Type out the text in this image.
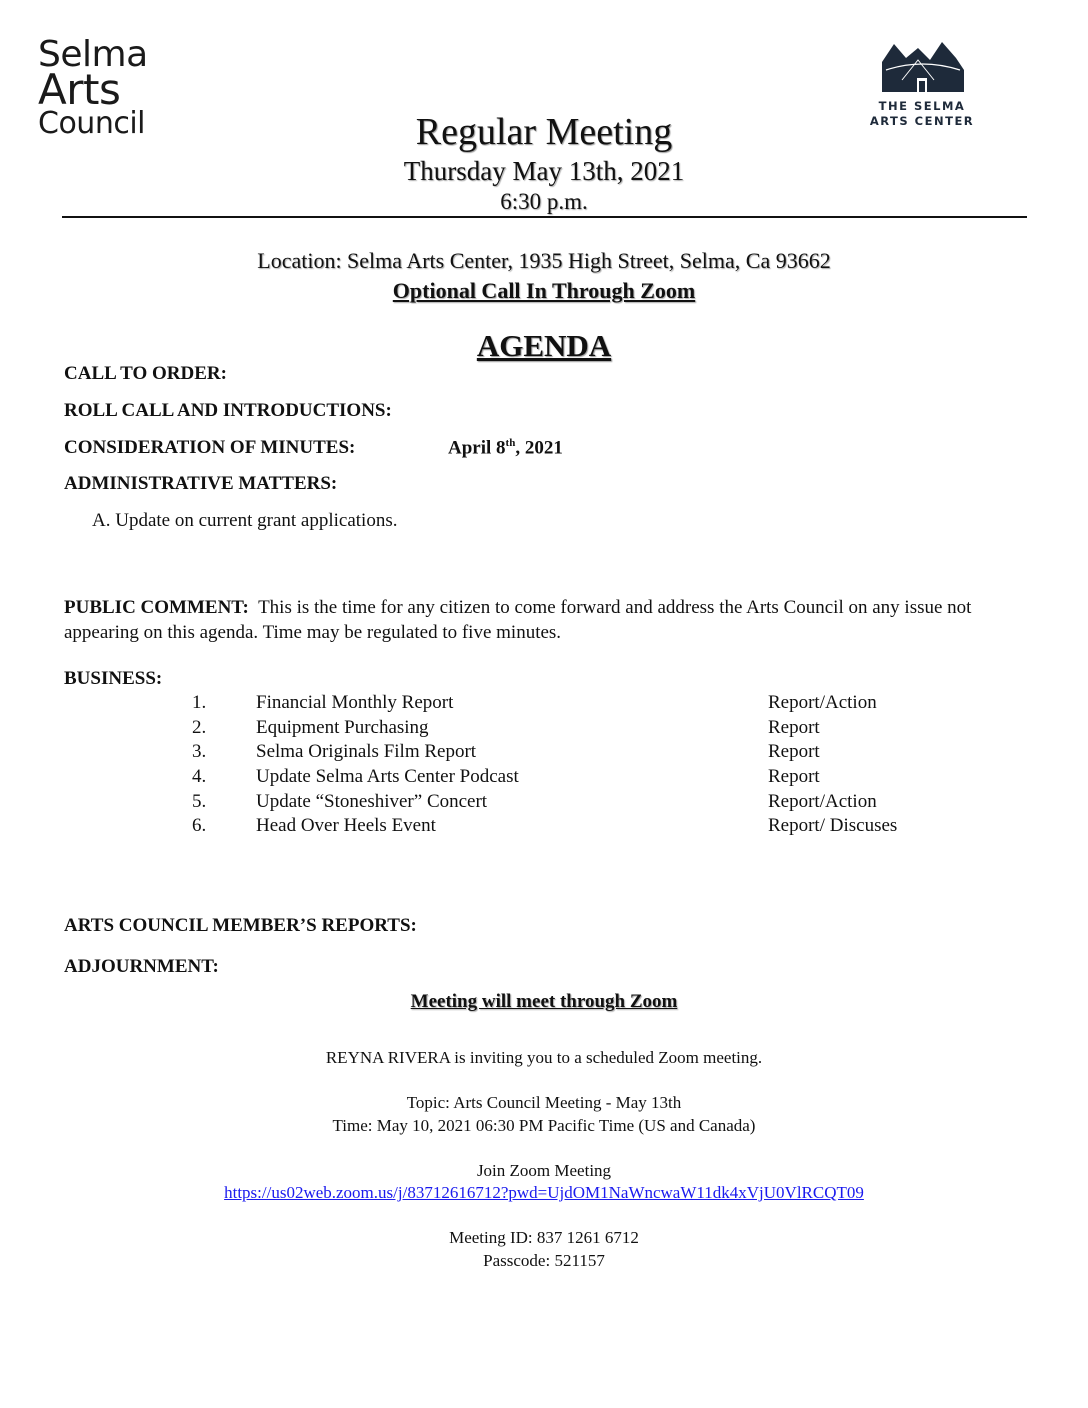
Selma
Arts
Council	THE SELMA
ARTS CENTER
Regular Meeting
Thursday May 13th, 2021
6:30 p.m.
Location: Selma Arts Center, 1935 High Street, Selma, Ca 93662
Optional Call In Through Zoom
AGENDA
CALL TO ORDER:
ROLL CALL AND INTRODUCTIONS:
CONSIDERATION OF MINUTES:	April 8th, 2021
ADMINISTRATIVE MATTERS:
A. Update on current grant applications.
PUBLIC COMMENT: This is the time for any citizen to come forward and address the Arts Council on any issue not appearing on this agenda. Time may be regulated to five minutes.
BUSINESS:
1.	Financial Monthly Report	Report/Action
2.	Equipment Purchasing	Report
3.	Selma Originals Film Report	Report
4.	Update Selma Arts Center Podcast	Report
5.	Update “Stoneshiver” Concert	Report/Action
6.	Head Over Heels Event	Report/ Discuses
ARTS COUNCIL MEMBER’S REPORTS:
ADJOURNMENT:
Meeting will meet through Zoom
REYNA RIVERA is inviting you to a scheduled Zoom meeting.
Topic: Arts Council Meeting - May 13th
Time: May 10, 2021 06:30 PM Pacific Time (US and Canada)
Join Zoom Meeting
https://us02web.zoom.us/j/83712616712?pwd=UjdOM1NaWncwaW11dk4xVjU0VlRCQT09
Meeting ID: 837 1261 6712
Passcode: 521157
